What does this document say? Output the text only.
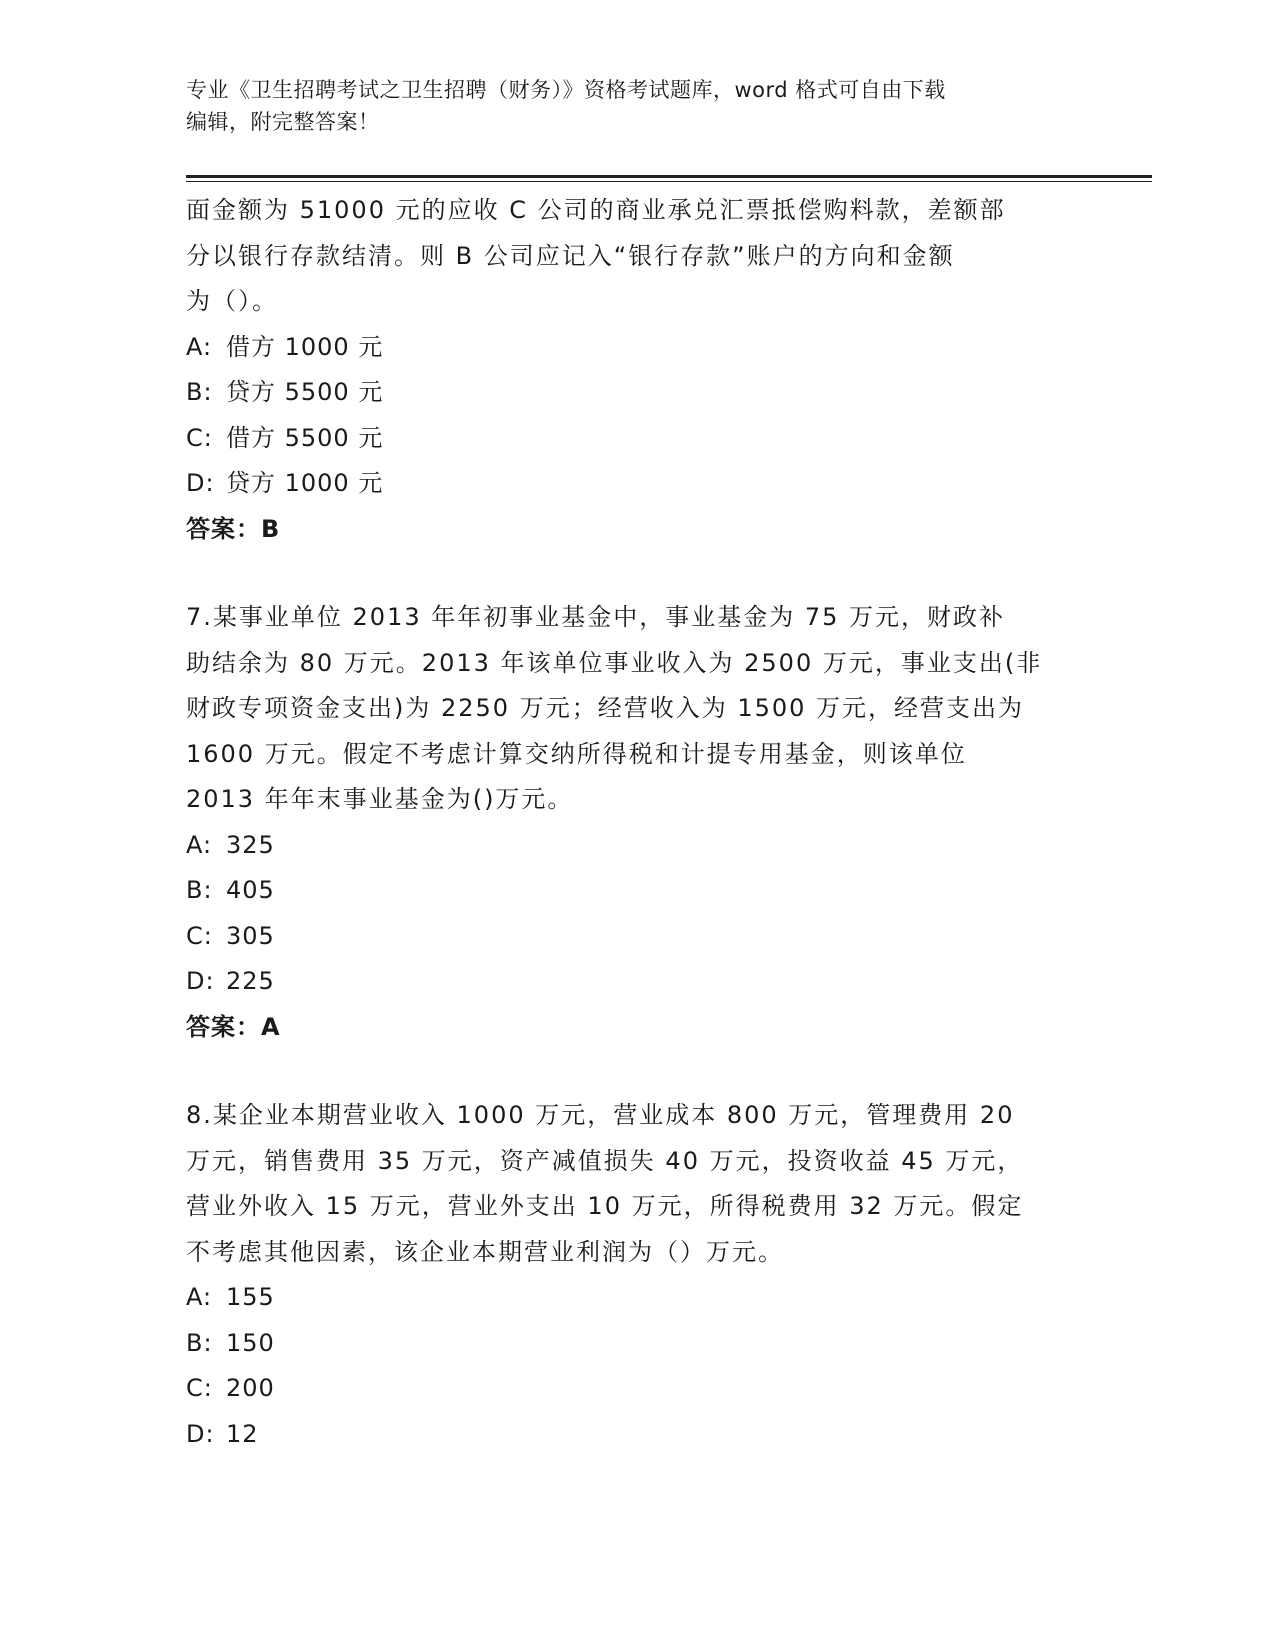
专业《卫生招聘考试之卫生招聘（财务）》资格考试题库，word 格式可自由下载
编辑，附完整答案！
面金额为 51000 元的应收 C 公司的商业承兑汇票抵偿购料款，差额部
分以银行存款结清。则 B 公司应记入“银行存款”账户的方向和金额
为（）。
A: 借方 1000 元
B: 贷方 5500 元
C: 借方 5500 元
D: 贷方 1000 元
答案：B
7.某事业单位 2013 年年初事业基金中，事业基金为 75 万元，财政补
助结余为 80 万元。2013 年该单位事业收入为 2500 万元，事业支出(非
财政专项资金支出)为 2250 万元；经营收入为 1500 万元，经营支出为
1600 万元。假定不考虑计算交纳所得税和计提专用基金，则该单位
2013 年年末事业基金为()万元。
A: 325
B: 405
C: 305
D: 225
答案：A
8.某企业本期营业收入 1000 万元，营业成本 800 万元，管理费用 20
万元，销售费用 35 万元，资产减值损失 40 万元，投资收益 45 万元，
营业外收入 15 万元，营业外支出 10 万元，所得税费用 32 万元。假定
不考虑其他因素，该企业本期营业利润为（）万元。
A: 155
B: 150
C: 200
D: 12
